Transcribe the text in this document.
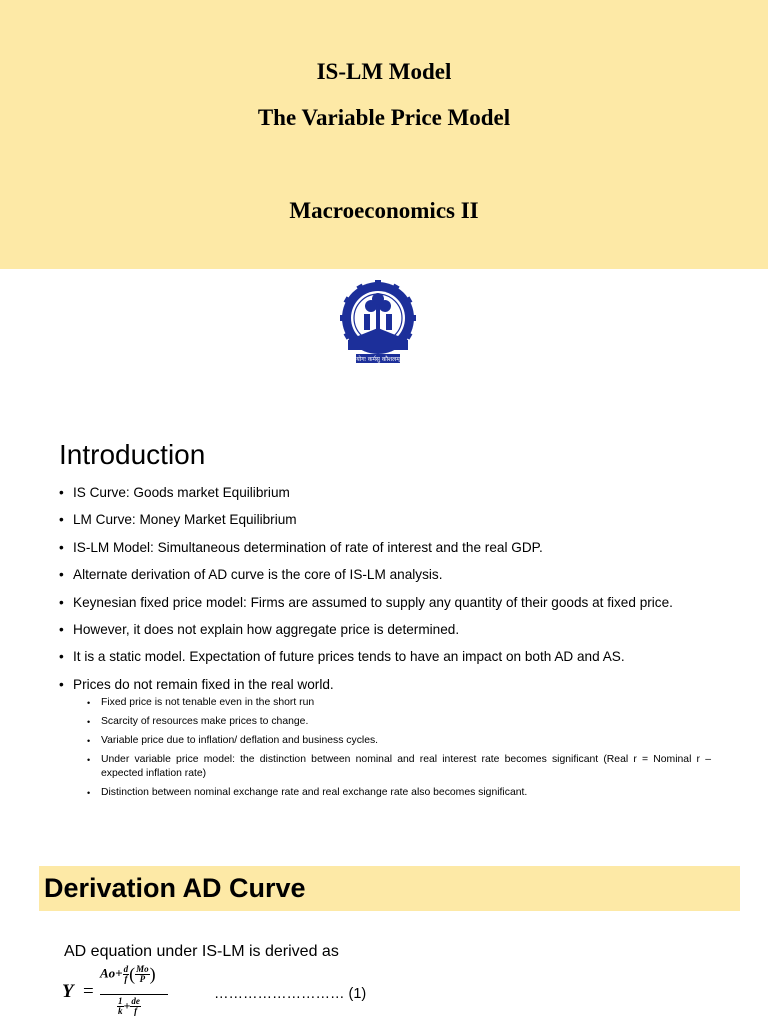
IS-LM Model
The Variable Price Model
Macroeconomics II
योगः कर्मसु कौशलम्
Introduction
• IS Curve: Goods market Equilibrium
• LM Curve: Money Market Equilibrium
• IS-LM Model: Simultaneous determination of rate of interest and the real GDP.
• Alternate derivation of AD curve is the core of IS-LM analysis.
• Keynesian fixed price model: Firms are assumed to supply any quantity of their goods at fixed price.
• However, it does not explain how aggregate price is determined.
• It is a static model. Expectation of future prices tends to have an impact on both AD and AS.
• Prices do not remain fixed in the real world.
• Fixed price is not tenable even in the short run
• Scarcity of resources make prices to change.
• Variable price due to inflation/ deflation and business cycles.
• Under variable price model: the distinction between nominal and real interest rate becomes significant (Real r = Nominal r – expected inflation rate)
• Distinction between nominal exchange rate and real exchange rate also becomes significant.
Derivation AD Curve
AD equation under IS-LM is derived as
Y =
$Ao+ \frac{d}{f}$ ( $\frac{Mo}{P}$ )
$\frac{1}{k} + \frac{de}{f}$
……………………… (1)
